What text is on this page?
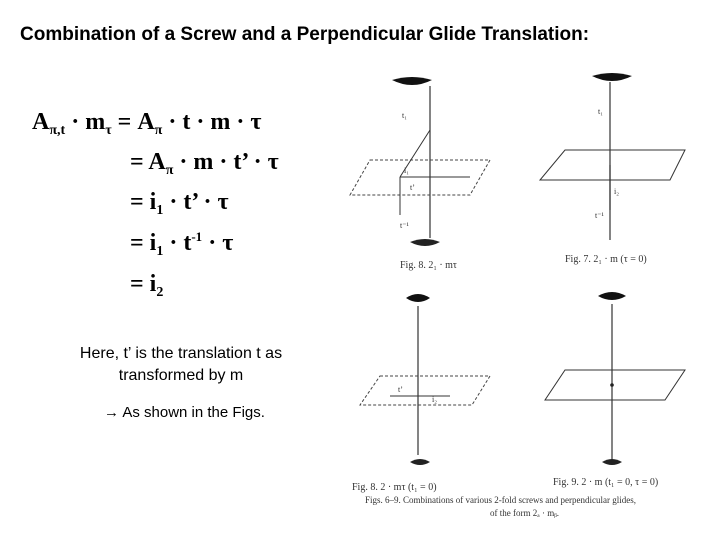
Combination of a Screw and a Perpendicular Glide Translation:
$A_{\pi,t} \cdot m_\tau = A_\pi \cdot t \cdot m \cdot \tau$
= $A_\pi \cdot m \cdot t$’ · τ
= $i_1 \cdot t$’ · τ
= $i_1 \cdot t^{-1} \cdot \tau$
= $i_2$
Here, t’ is the translation t as transformed by m
→ As shown in the Figs.
t₁
i₁
t’
t⁻¹
Fig. 8. 2₁ · mτ
t₁
i₂
t⁻¹
Fig. 7. 2₁ · m (τ = 0)
i₂
t’
Fig. 8. 2 · mτ (t₁ = 0)	Fig. 9. 2 · m (t₁ = 0, τ = 0)
Figs. 6–9. Combinations of various 2-fold screws and perpendicular glides,
of the form 2ₐ · mᵦ.
